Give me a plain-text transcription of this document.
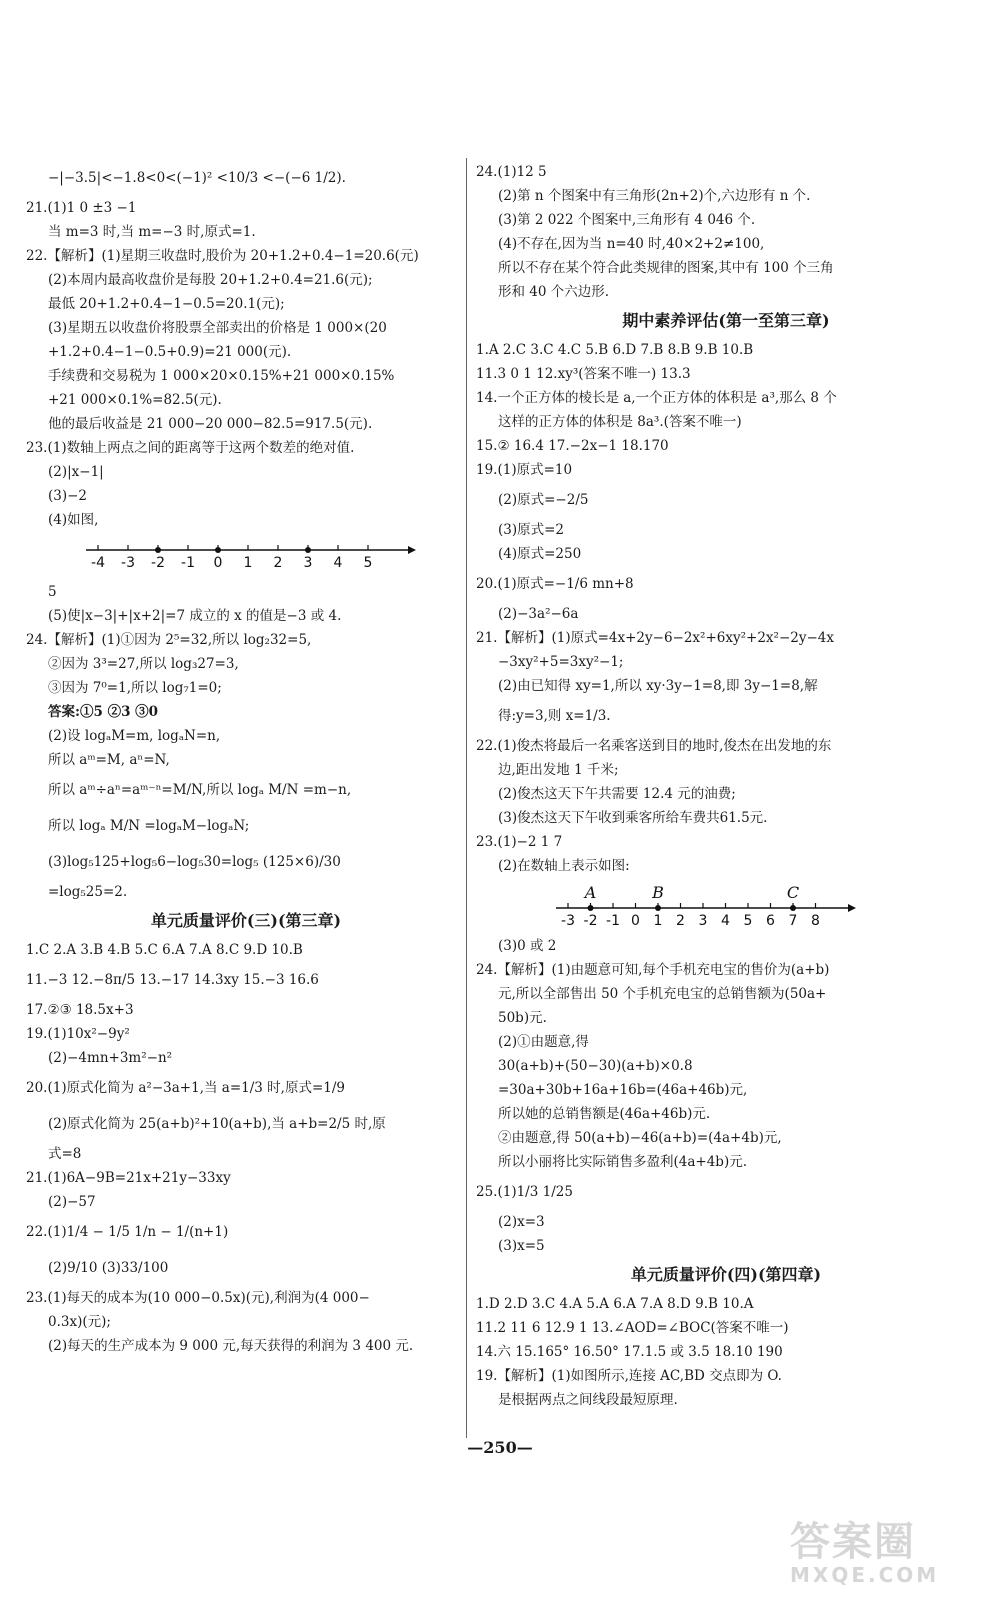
−|−3.5|<−1.8<0<(−1)² <10/3 <−(−6 1/2).
21.(1)1 0 ±3 −1
当 m=3 时,当 m=−3 时,原式=1.
22.【解析】(1)星期三收盘时,股价为 20+1.2+0.4−1=20.6(元)
(2)本周内最高收盘价是每股 20+1.2+0.4=21.6(元);
最低 20+1.2+0.4−1−0.5=20.1(元);
(3)星期五以收盘价将股票全部卖出的价格是 1 000×(20
+1.2+0.4−1−0.5+0.9)=21 000(元).
手续费和交易税为 1 000×20×0.15%+21 000×0.15%
+21 000×0.1%=82.5(元).
他的最后收益是 21 000−20 000−82.5=917.5(元).
23.(1)数轴上两点之间的距离等于这两个数差的绝对值.
(2)|x−1|
(3)−2
(4)如图,
-4 -3 -2 -1 0 1 2 3 4 5
5
(5)使|x−3|+|x+2|=7 成立的 x 的值是−3 或 4.
24.【解析】(1)①因为 2⁵=32,所以 log₂32=5,
②因为 3³=27,所以 log₃27=3,
③因为 7⁰=1,所以 log₇1=0;
答案:①5 ②3 ③0
(2)设 logₐM=m, logₐN=n,
所以 aᵐ=M, aⁿ=N,
所以 aᵐ÷aⁿ=aᵐ⁻ⁿ=M/N,所以 logₐ M/N =m−n,
所以 logₐ M/N =logₐM−logₐN;
(3)log₅125+log₅6−log₅30=log₅ (125×6)/30
=log₅25=2.
单元质量评价(三)(第三章)
1.C 2.A 3.B 4.B 5.C 6.A 7.A 8.C 9.D 10.B
11.−3 12.−8π/5 13.−17 14.3xy 15.−3 16.6
17.②③ 18.5x+3
19.(1)10x²−9y²
(2)−4mn+3m²−n²
20.(1)原式化简为 a²−3a+1,当 a=1/3 时,原式=1/9
(2)原式化简为 25(a+b)²+10(a+b),当 a+b=2/5 时,原
式=8
21.(1)6A−9B=21x+21y−33xy
(2)−57
22.(1)1/4 − 1/5 1/n − 1/(n+1)
(2)9/10 (3)33/100
23.(1)每天的成本为(10 000−0.5x)(元),利润为(4 000−
0.3x)(元);
(2)每天的生产成本为 9 000 元,每天获得的利润为 3 400 元.
24.(1)12 5
(2)第 n 个图案中有三角形(2n+2)个,六边形有 n 个.
(3)第 2 022 个图案中,三角形有 4 046 个.
(4)不存在,因为当 n=40 时,40×2+2≠100,
所以不存在某个符合此类规律的图案,其中有 100 个三角
形和 40 个六边形.
期中素养评估(第一至第三章)
1.A 2.C 3.C 4.C 5.B 6.D 7.B 8.B 9.B 10.B
11.3 0 1 12.xy³(答案不唯一) 13.3
14.一个正方体的棱长是 a,一个正方体的体积是 a³,那么 8 个
这样的正方体的体积是 8a³.(答案不唯一)
15.② 16.4 17.−2x−1 18.170
19.(1)原式=10
(2)原式=−2/5
(3)原式=2
(4)原式=250
20.(1)原式=−1/6 mn+8
(2)−3a²−6a
21.【解析】(1)原式=4x+2y−6−2x²+6xy²+2x²−2y−4x
−3xy²+5=3xy²−1;
(2)由已知得 xy=1,所以 xy·3y−1=8,即 3y−1=8,解
得:y=3,则 x=1/3.
22.(1)俊杰将最后一名乘客送到目的地时,俊杰在出发地的东
边,距出发地 1 千米;
(2)俊杰这天下午共需要 12.4 元的油费;
(3)俊杰这天下午收到乘客所给车费共61.5元.
23.(1)−2 1 7
(2)在数轴上表示如图:
-3 -2 -1 0 1 2 3 4 5 6 7 8
A	B	C
(3)0 或 2
24.【解析】(1)由题意可知,每个手机充电宝的售价为(a+b)
元,所以全部售出 50 个手机充电宝的总销售额为(50a+
50b)元.
(2)①由题意,得
30(a+b)+(50−30)(a+b)×0.8
=30a+30b+16a+16b=(46a+46b)元,
所以她的总销售额是(46a+46b)元.
②由题意,得 50(a+b)−46(a+b)=(4a+4b)元,
所以小丽将比实际销售多盈利(4a+4b)元.
25.(1)1/3 1/25
(2)x=3
(3)x=5
单元质量评价(四)(第四章)
1.D 2.D 3.C 4.A 5.A 6.A 7.A 8.D 9.B 10.A
11.2 11 6 12.9 1 13.∠AOD=∠BOC(答案不唯一)
14.六 15.165° 16.50° 17.1.5 或 3.5 18.10 190
19.【解析】(1)如图所示,连接 AC,BD 交点即为 O.
是根据两点之间线段最短原理.
—250—
答案圈
MXQE.COM
